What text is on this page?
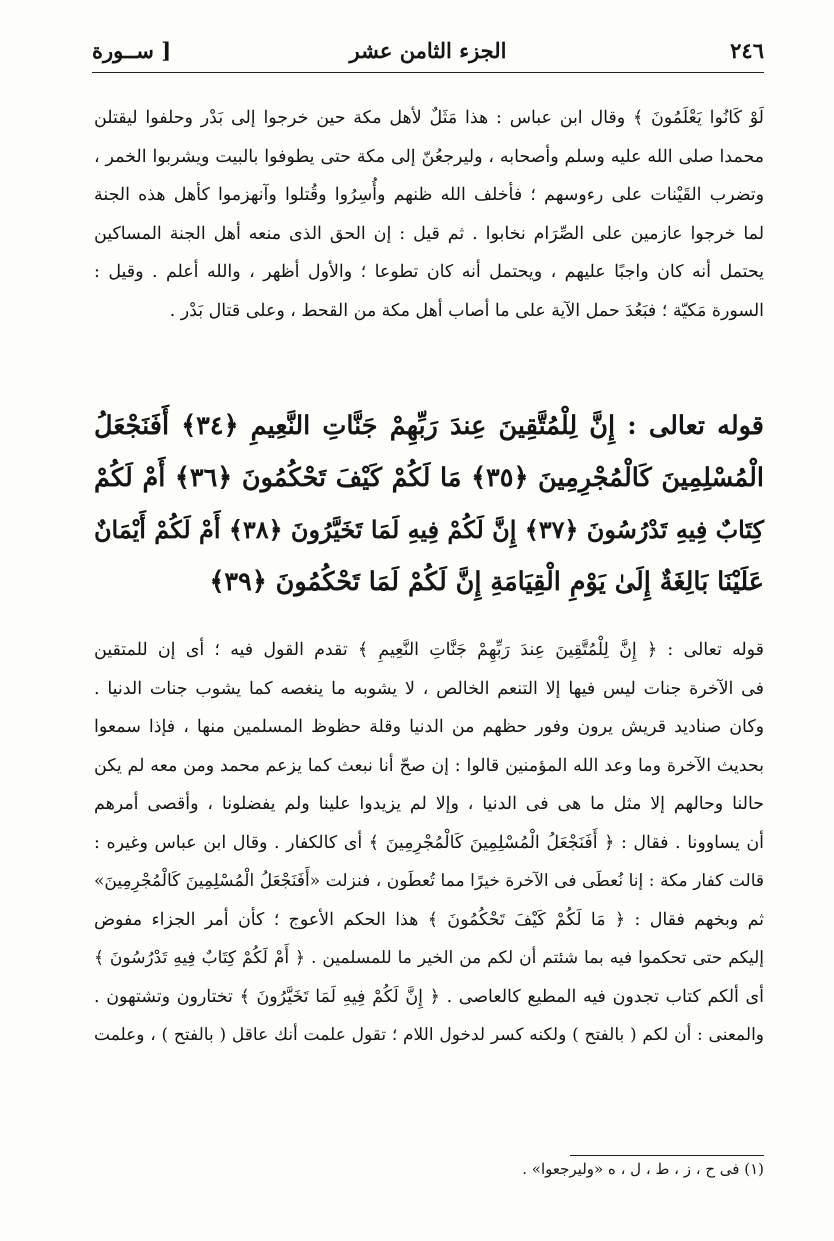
٢٤٦
الجزء الثامن عشر
[ ســورة
لَوْ كَانُوا يَعْلَمُونَ ﴾ وقال ابن عباس : هذا مَثَلٌ لأهل مكة حين خرجوا إلى بَدْر وحلفوا ليقتلن
محمدا صلى الله عليه وسلم وأصحابه ، وليرجعُنّ إلى مكة حتى يطوفوا بالبيت ويشربوا الخمر ،
وتضرب القَيْنات على رءوسهم ؛ فأخلف الله ظنهم وأُسِرُوا وقُتلوا وآنهزموا كأهل هذه الجنة
لما خرجوا عازمين على الصِّرَام نخابوا . ثم قيل : إن الحق الذى منعه أهل الجنة المساكين
يحتمل أنه كان واجبًا عليهم ، ويحتمل أنه كان تطوعا ؛ والأول أظهر ، والله أعلم . وقيل :
السورة مَكيّة ؛ فبَعُدَ حمل الآية على ما أصاب أهل مكة من القحط ، وعلى قتال بَدْر .
قوله تعالى : إِنَّ لِلْمُتَّقِينَ عِندَ رَبِّهِمْ جَنَّاتِ النَّعِيمِ ﴿٣٤﴾ أَفَنَجْعَلُ
الْمُسْلِمِينَ كَالْمُجْرِمِينَ ﴿٣٥﴾ مَا لَكُمْ كَيْفَ تَحْكُمُونَ ﴿٣٦﴾ أَمْ لَكُمْ
كِتَابٌ فِيهِ تَدْرُسُونَ ﴿٣٧﴾ إِنَّ لَكُمْ فِيهِ لَمَا تَخَيَّرُونَ ﴿٣٨﴾ أَمْ لَكُمْ أَيْمَانٌ
عَلَيْنَا بَالِغَةٌ إِلَىٰ يَوْمِ الْقِيَامَةِ إِنَّ لَكُمْ لَمَا تَحْكُمُونَ ﴿٣٩﴾
قوله تعالى : ﴿ إِنَّ لِلْمُتَّقِينَ عِندَ رَبِّهِمْ جَنَّاتِ النَّعِيمِ ﴾ تقدم القول فيه ؛ أى إن للمتقين
فى الآخرة جنات ليس فيها إلا التنعم الخالص ، لا يشوبه ما ينغصه كما يشوب جنات الدنيا .
وكان صناديد قريش يرون وفور حظهم من الدنيا وقلة حظوظ المسلمين منها ، فإذا سمعوا
بحديث الآخرة وما وعد الله المؤمنين قالوا : إن صحّ أنا نبعث كما يزعم محمد ومن معه لم يكن
حالنا وحالهم إلا مثل ما هى فى الدنيا ، وإلا لم يزيدوا علينا ولم يفضلونا ، وأقصى أمرهم
أن يساوونا . فقال : ﴿ أَفَنَجْعَلُ الْمُسْلِمِينَ كَالْمُجْرِمِينَ ﴾ أى كالكفار . وقال ابن عباس وغيره :
قالت كفار مكة : إنا نُعطَى فى الآخرة خيرًا مما تُعطَون ، فنزلت «أَفَنَجْعَلُ الْمُسْلِمِينَ كَالْمُجْرِمِينَ»
ثم وبخهم فقال : ﴿ مَا لَكُمْ كَيْفَ تَحْكُمُونَ ﴾ هذا الحكم الأعوج ؛ كأن أمر الجزاء مفوض
إليكم حتى تحكموا فيه بما شئتم أن لكم من الخير ما للمسلمين . ﴿ أَمْ لَكُمْ كِتَابٌ فِيهِ تَدْرُسُونَ ﴾
أى ألكم كتاب تجدون فيه المطيع كالعاصى . ﴿ إِنَّ لَكُمْ فِيهِ لَمَا تَخَيَّرُونَ ﴾ تختارون وتشتهون .
والمعنى : أن لكم ( بالفتح ) ولكنه كسر لدخول اللام ؛ تقول علمت أنك عاقل ( بالفتح ) ، وعلمت
(١) فى ح ، ز ، ط ، ل ، ه «وليرجعوا» .
